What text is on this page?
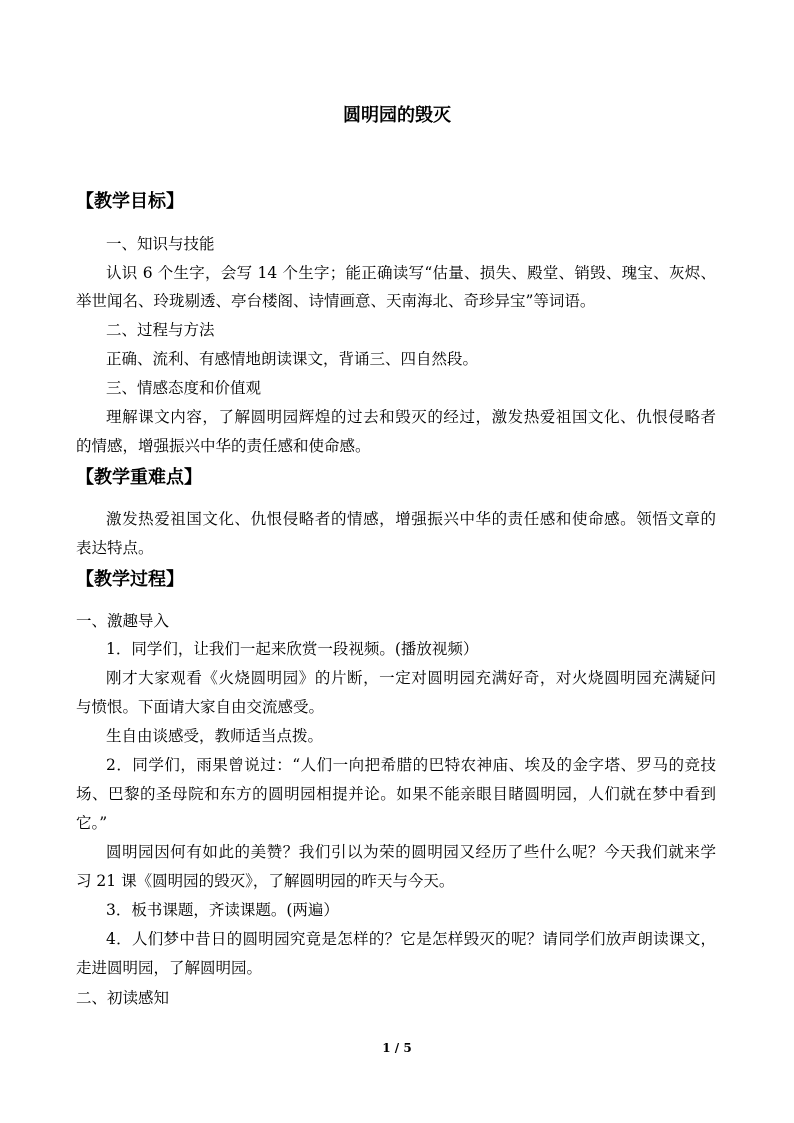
圆明园的毁灭
【教学目标】
一、知识与技能
认识 6 个生字，会写 14 个生字；能正确读写“估量、损失、殿堂、销毁、瑰宝、灰烬、
举世闻名、玲珑剔透、亭台楼阁、诗情画意、天南海北、奇珍异宝”等词语。
二、过程与方法
正确、流利、有感情地朗读课文，背诵三、四自然段。
三、情感态度和价值观
理解课文内容，了解圆明园辉煌的过去和毁灭的经过，激发热爱祖国文化、仇恨侵略者
的情感，增强振兴中华的责任感和使命感。
【教学重难点】
激发热爱祖国文化、仇恨侵略者的情感，增强振兴中华的责任感和使命感。领悟文章的
表达特点。
【教学过程】
一、激趣导入
1．同学们，让我们一起来欣赏一段视频。(播放视频）
刚才大家观看《火烧圆明园》的片断，一定对圆明园充满好奇，对火烧圆明园充满疑问
与愤恨。下面请大家自由交流感受。
生自由谈感受，教师适当点拨。
2．同学们，雨果曾说过：“人们一向把希腊的巴特农神庙、埃及的金字塔、罗马的竞技
场、巴黎的圣母院和东方的圆明园相提并论。如果不能亲眼目睹圆明园，人们就在梦中看到
它。”
圆明园因何有如此的美赞？我们引以为荣的圆明园又经历了些什么呢？今天我们就来学
习 21 课《圆明园的毁灭》，了解圆明园的昨天与今天。
3．板书课题，齐读课题。(两遍）
4．人们梦中昔日的圆明园究竟是怎样的？它是怎样毁灭的呢？请同学们放声朗读课文，
走进圆明园，了解圆明园。
二、初读感知
1 / 5
